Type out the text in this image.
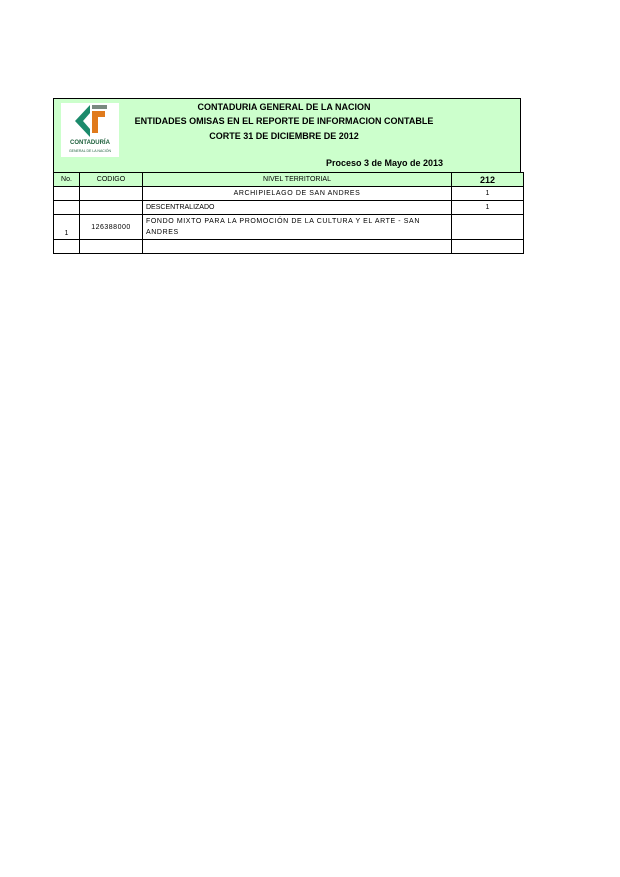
CONTADURÍA
GENERAL DE LA NACIÓN
CONTADURIA GENERAL DE LA NACION
ENTIDADES OMISAS EN EL REPORTE DE INFORMACION CONTABLE
CORTE 31 DE DICIEMBRE DE 2012
Proceso 3 de Mayo de 2013
No.	CODIGO	NIVEL TERRITORIAL	212
		ARCHIPIELAGO DE SAN ANDRES	1
		DESCENTRALIZADO	1
1	126388000	FONDO MIXTO PARA LA PROMOCIÓN DE LA CULTURA Y EL ARTE - SAN ANDRES	
